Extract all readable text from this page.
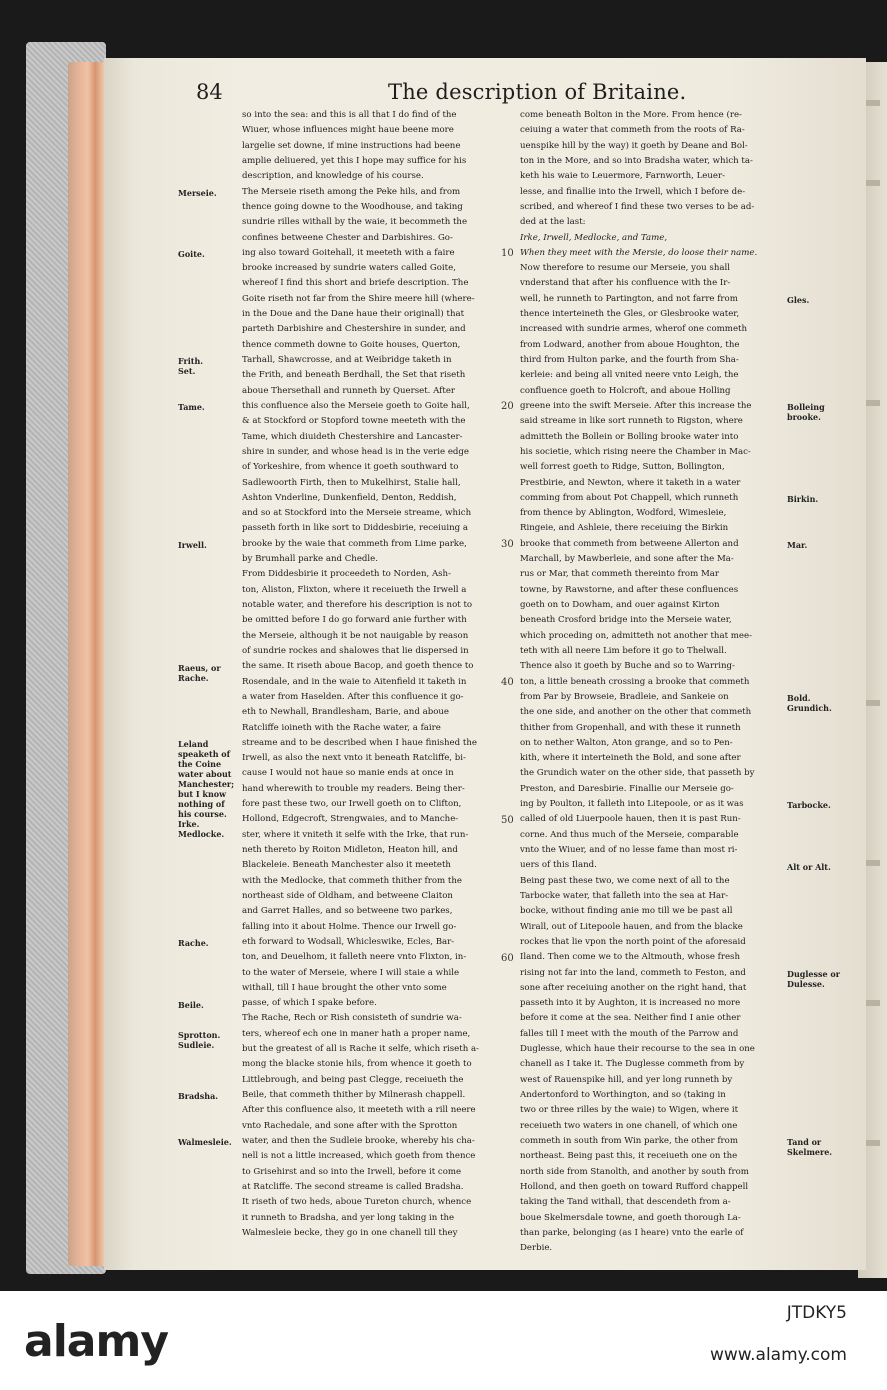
84	The description of Britaine.
Merseie.
Goite.
Frith.
Set.
Tame.
Irwell.
Raeus, or
Rache.
Leland speaketh of the Coine water about Manchester; but I know nothing of his course.
Irke.
Medlocke.
Rache.
Beile.
Sprotton.
Sudleie.
Bradsha.
Walmesleie.
Gles.
Bolleing
brooke.
Birkin.
Mar.
Bold.
Grundich.
Tarbocke.
Alt or Alt.
Duglesse or
Dulesse.
Tand or
Skelmere.
10
20
30
40
50
60
so into the sea: and this is all that I do find of the
Wiuer, whose influences might haue beene more
largelie set downe, if mine instructions had beene
amplie deliuered, yet this I hope may suffice for his
description, and knowledge of his course.
The Merseie riseth among the Peke hils, and from
thence going downe to the Woodhouse, and taking
sundrie rilles withall by the waie, it becommeth the
confines betweene Chester and Darbishires. Go-
ing also toward Goitehall, it meeteth with a faire
brooke increased by sundrie waters called Goite,
whereof I find this short and briefe description. The
Goite riseth not far from the Shire meere hill (where-
in the Doue and the Dane haue their originall) that
parteth Darbishire and Chestershire in sunder, and
thence commeth downe to Goite houses, Querton,
Tarhall, Shawcrosse, and at Weibridge taketh in
the Frith, and beneath Berdhall, the Set that riseth
aboue Thersethall and runneth by Querset. After
this confluence also the Merseie goeth to Goite hall,
& at Stockford or Stopford towne meeteth with the
Tame, which diuideth Chestershire and Lancaster-
shire in sunder, and whose head is in the verie edge
of Yorkeshire, from whence it goeth southward to
Sadlewoorth Firth, then to Mukelhirst, Stalie hall,
Ashton Vnderline, Dunkenfield, Denton, Reddish,
and so at Stockford into the Merseie streame, which
passeth forth in like sort to Diddesbirie, receiuing a
brooke by the waie that commeth from Lime parke,
by Brumhall parke and Chedle.
From Diddesbirie it proceedeth to Norden, Ash-
ton, Aliston, Flixton, where it receiueth the Irwell a
notable water, and therefore his description is not to
be omitted before I do go forward anie further with
the Merseie, although it be not nauigable by reason
of sundrie rockes and shalowes that lie dispersed in
the same. It riseth aboue Bacop, and goeth thence to
Rosendale, and in the waie to Aitenfield it taketh in
a water from Haselden. After this confluence it go-
eth to Newhall, Brandlesham, Barie, and aboue
Ratcliffe ioineth with the Rache water, a faire
streame and to be described when I haue finished the
Irwell, as also the next vnto it beneath Ratcliffe, bi-
cause I would not haue so manie ends at once in
hand wherewith to trouble my readers. Being ther-
fore past these two, our Irwell goeth on to Clifton,
Hollond, Edgecroft, Strengwaies, and to Manche-
ster, where it vniteth it selfe with the Irke, that run-
neth thereto by Roiton Midleton, Heaton hill, and
Blackeleie. Beneath Manchester also it meeteth
with the Medlocke, that commeth thither from the
northeast side of Oldham, and betweene Claiton
and Garret Halles, and so betweene two parkes,
falling into it about Holme. Thence our Irwell go-
eth forward to Wodsall, Whicleswike, Ecles, Bar-
ton, and Deuelhom, it falleth neere vnto Flixton, in-
to the water of Merseie, where I will staie a while
withall, till I haue brought the other vnto some
passe, of which I spake before.
The Rache, Rech or Rish consisteth of sundrie wa-
ters, whereof ech one in maner hath a proper name,
but the greatest of all is Rache it selfe, which riseth a-
mong the blacke stonie hils, from whence it goeth to
Littlebrough, and being past Clegge, receiueth the
Beile, that commeth thither by Milnerash chappell.
After this confluence also, it meeteth with a rill neere
vnto Rachedale, and sone after with the Sprotton
water, and then the Sudleie brooke, whereby his cha-
nell is not a little increased, which goeth from thence
to Grisehirst and so into the Irwell, before it come
at Ratcliffe. The second streame is called Bradsha.
It riseth of two heds, aboue Tureton church, whence
it runneth to Bradsha, and yer long taking in the
Walmesleie becke, they go in one chanell till they
come beneath Bolton in the More. From hence (re-
ceiuing a water that commeth from the roots of Ra-
uenspike hill by the way) it goeth by Deane and Bol-
ton in the More, and so into Bradsha water, which ta-
keth his waie to Leuermore, Farnworth, Leuer-
lesse, and finallie into the Irwell, which I before de-
scribed, and whereof I find these two verses to be ad-
ded at the last:
Irke, Irwell, Medlocke, and Tame,
When they meet with the Mersie, do loose their name.
Now therefore to resume our Merseie, you shall
vnderstand that after his confluence with the Ir-
well, he runneth to Partington, and not farre from
thence interteineth the Gles, or Glesbrooke water,
increased with sundrie armes, wherof one commeth
from Lodward, another from aboue Houghton, the
third from Hulton parke, and the fourth from Sha-
kerleie: and being all vnited neere vnto Leigh, the
confluence goeth to Holcroft, and aboue Holling
greene into the swift Merseie. After this increase the
said streame in like sort runneth to Rigston, where
admitteth the Bollein or Bolling brooke water into
his societie, which rising neere the Chamber in Mac-
well forrest goeth to Ridge, Sutton, Bollington,
Prestbirie, and Newton, where it taketh in a water
comming from about Pot Chappell, which runneth
from thence by Ablington, Wodford, Wimesleie,
Ringeie, and Ashleie, there receiuing the Birkin
brooke that commeth from betweene Allerton and
Marchall, by Mawberleie, and sone after the Ma-
rus or Mar, that commeth thereinto from Mar
towne, by Rawstorne, and after these confluences
goeth on to Dowham, and ouer against Kirton
beneath Crosford bridge into the Merseie water,
which proceding on, admitteth not another that mee-
teth with all neere Lim before it go to Thelwall.
Thence also it goeth by Buche and so to Warring-
ton, a little beneath crossing a brooke that commeth
from Par by Browseie, Bradleie, and Sankeie on
the one side, and another on the other that commeth
thither from Gropenhall, and with these it runneth
on to nether Walton, Aton grange, and so to Pen-
kith, where it interteineth the Bold, and sone after
the Grundich water on the other side, that passeth by
Preston, and Daresbirie. Finallie our Merseie go-
ing by Poulton, it falleth into Litepoole, or as it was
called of old Liuerpoole hauen, then it is past Run-
corne. And thus much of the Merseie, comparable
vnto the Wiuer, and of no lesse fame than most ri-
uers of this Iland.
Being past these two, we come next of all to the
Tarbocke water, that falleth into the sea at Har-
bocke, without finding anie mo till we be past all
Wirall, out of Litepoole hauen, and from the blacke
rockes that lie vpon the north point of the aforesaid
Iland. Then come we to the Altmouth, whose fresh
rising not far into the land, commeth to Feston, and
sone after receiuing another on the right hand, that
passeth into it by Aughton, it is increased no more
before it come at the sea. Neither find I anie other
falles till I meet with the mouth of the Parrow and
Duglesse, which haue their recourse to the sea in one
chanell as I take it. The Duglesse commeth from by
west of Rauenspike hill, and yer long runneth by
Andertonford to Worthington, and so (taking in
two or three rilles by the waie) to Wigen, where it
receiueth two waters in one chanell, of which one
commeth in south from Win parke, the other from
northeast. Being past this, it receiueth one on the
north side from Stanolth, and another by south from
Hollond, and then goeth on toward Rufford chappell
taking the Tand withall, that descendeth from a-
boue Skelmersdale towne, and goeth thorough La-
than parke, belonging (as I heare) vnto the earle of
Derbie.
alamy
JTDKY5
www.alamy.com
